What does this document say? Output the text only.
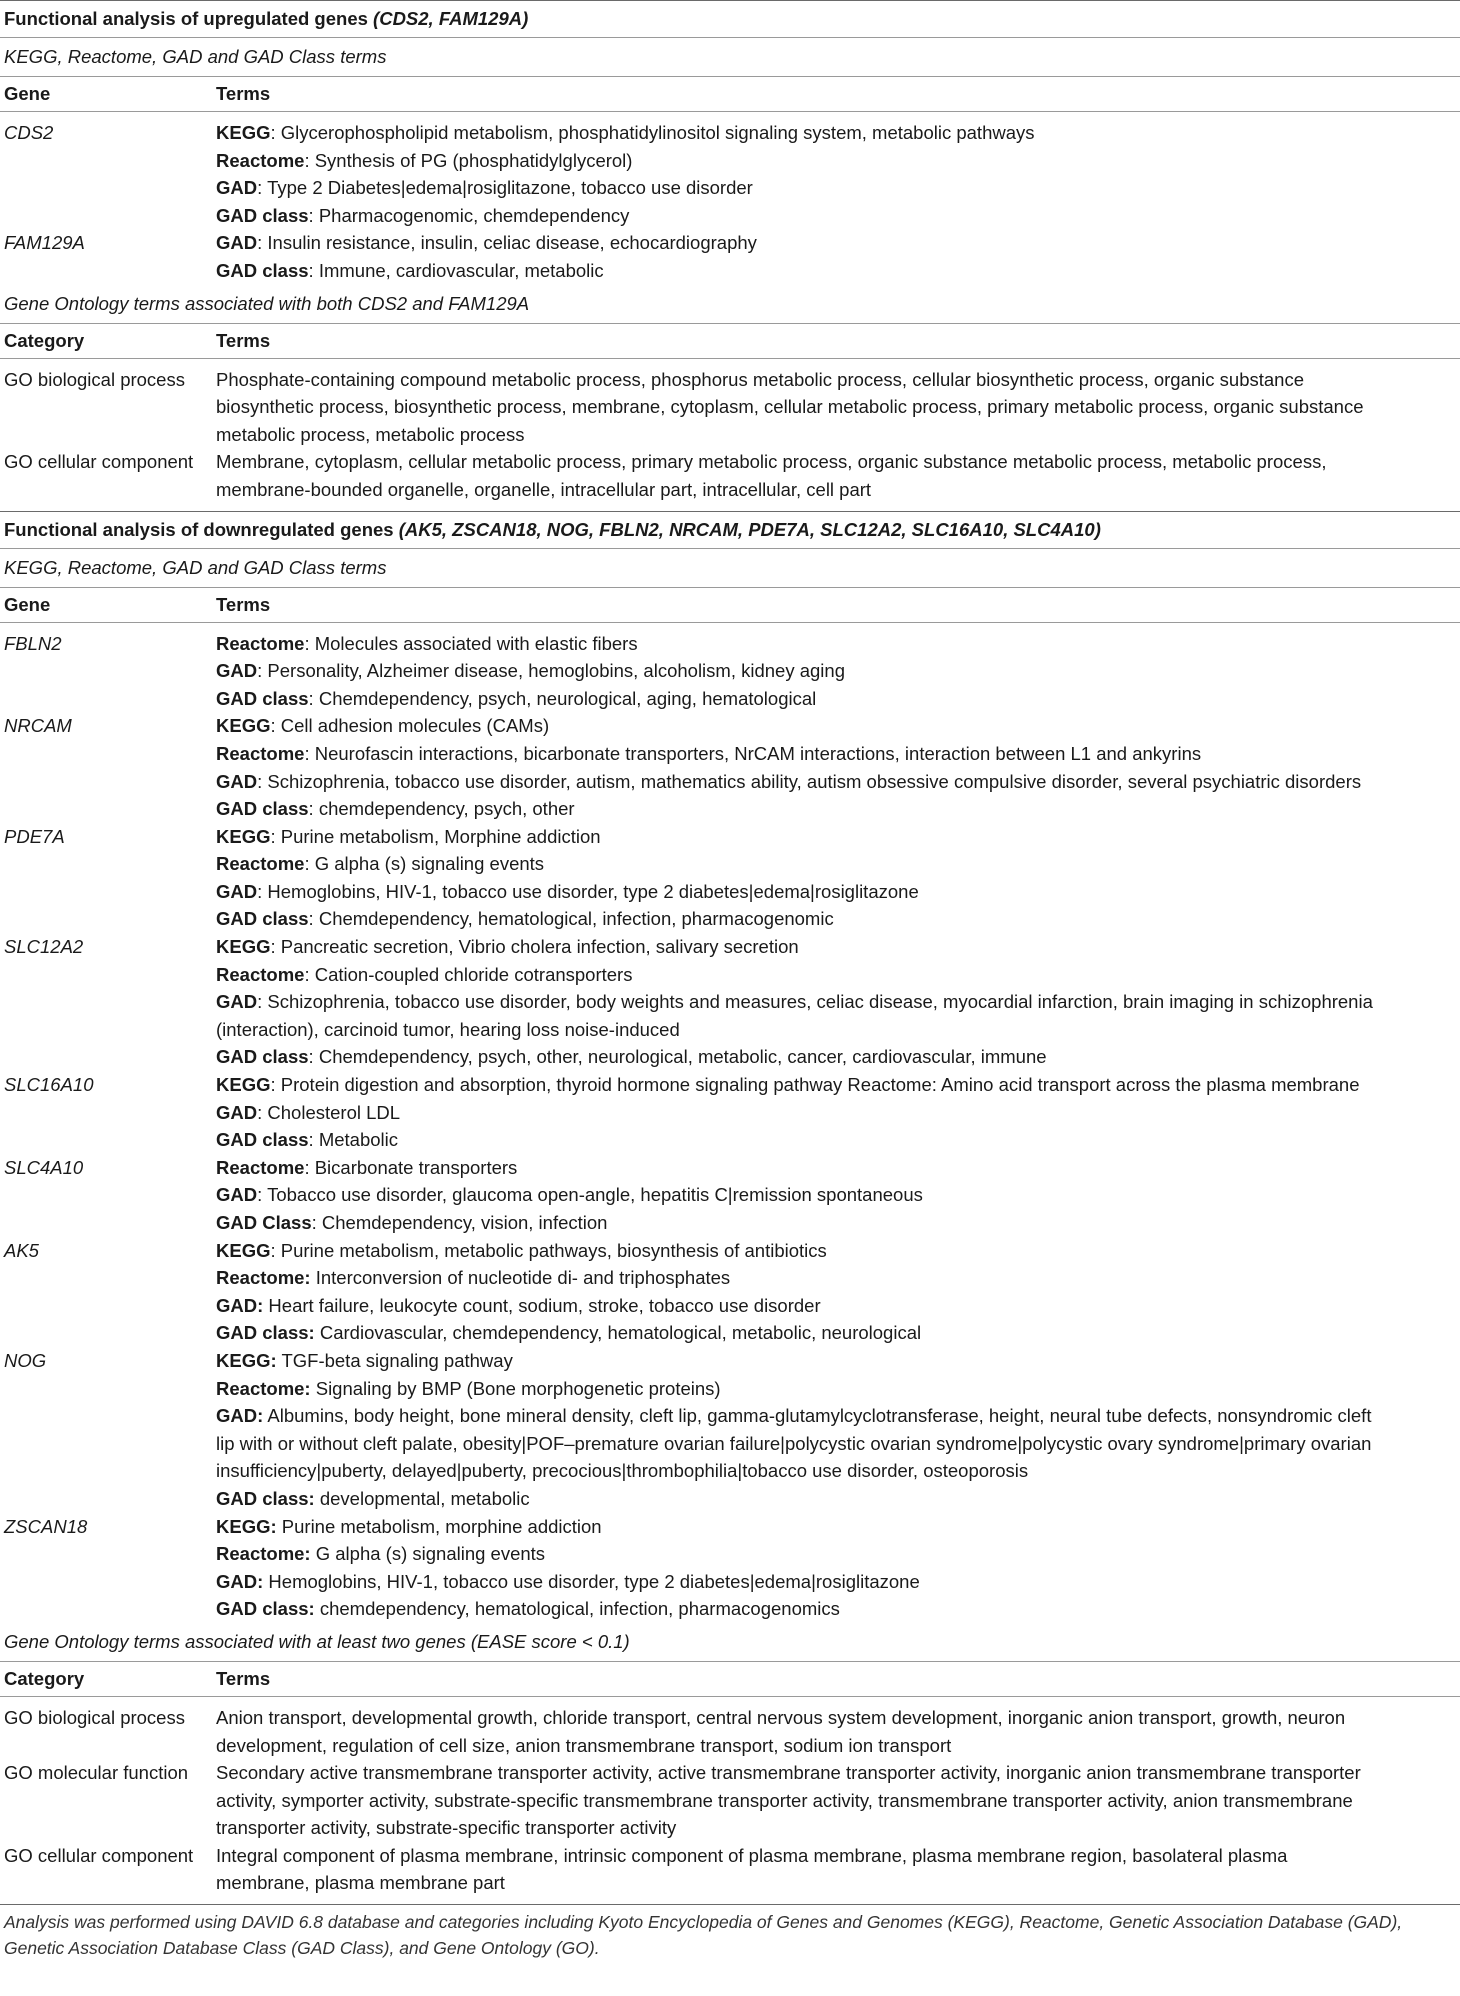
Functional analysis of upregulated genes (CDS2, FAM129A)
KEGG, Reactome, GAD and GAD Class terms
Gene	Terms
CDS2	KEGG: Glycerophospholipid metabolism, phosphatidylinositol signaling system, metabolic pathways
Reactome: Synthesis of PG (phosphatidylglycerol)
GAD: Type 2 Diabetes|edema|rosiglitazone, tobacco use disorder
GAD class: Pharmacogenomic, chemdependency
FAM129A	GAD: Insulin resistance, insulin, celiac disease, echocardiography
GAD class: Immune, cardiovascular, metabolic
Gene Ontology terms associated with both CDS2 and FAM129A
Category	Terms
GO biological process	Phosphate-containing compound metabolic process, phosphorus metabolic process, cellular biosynthetic process, organic substance
biosynthetic process, biosynthetic process, membrane, cytoplasm, cellular metabolic process, primary metabolic process, organic substance
metabolic process, metabolic process
GO cellular component	Membrane, cytoplasm, cellular metabolic process, primary metabolic process, organic substance metabolic process, metabolic process,
membrane-bounded organelle, organelle, intracellular part, intracellular, cell part
Functional analysis of downregulated genes (AK5, ZSCAN18, NOG, FBLN2, NRCAM, PDE7A, SLC12A2, SLC16A10, SLC4A10)
KEGG, Reactome, GAD and GAD Class terms
Gene	Terms
FBLN2	Reactome: Molecules associated with elastic fibers
GAD: Personality, Alzheimer disease, hemoglobins, alcoholism, kidney aging
GAD class: Chemdependency, psych, neurological, aging, hematological
NRCAM	KEGG: Cell adhesion molecules (CAMs)
Reactome: Neurofascin interactions, bicarbonate transporters, NrCAM interactions, interaction between L1 and ankyrins
GAD: Schizophrenia, tobacco use disorder, autism, mathematics ability, autism obsessive compulsive disorder, several psychiatric disorders
GAD class: chemdependency, psych, other
PDE7A	KEGG: Purine metabolism, Morphine addiction
Reactome: G alpha (s) signaling events
GAD: Hemoglobins, HIV-1, tobacco use disorder, type 2 diabetes|edema|rosiglitazone
GAD class: Chemdependency, hematological, infection, pharmacogenomic
SLC12A2	KEGG: Pancreatic secretion, Vibrio cholera infection, salivary secretion
Reactome: Cation-coupled chloride cotransporters
GAD: Schizophrenia, tobacco use disorder, body weights and measures, celiac disease, myocardial infarction, brain imaging in schizophrenia
(interaction), carcinoid tumor, hearing loss noise-induced
GAD class: Chemdependency, psych, other, neurological, metabolic, cancer, cardiovascular, immune
SLC16A10	KEGG: Protein digestion and absorption, thyroid hormone signaling pathway Reactome: Amino acid transport across the plasma membrane
GAD: Cholesterol LDL
GAD class: Metabolic
SLC4A10	Reactome: Bicarbonate transporters
GAD: Tobacco use disorder, glaucoma open-angle, hepatitis C|remission spontaneous
GAD Class: Chemdependency, vision, infection
AK5	KEGG: Purine metabolism, metabolic pathways, biosynthesis of antibiotics
Reactome: Interconversion of nucleotide di- and triphosphates
GAD: Heart failure, leukocyte count, sodium, stroke, tobacco use disorder
GAD class: Cardiovascular, chemdependency, hematological, metabolic, neurological
NOG	KEGG: TGF-beta signaling pathway
Reactome: Signaling by BMP (Bone morphogenetic proteins)
GAD: Albumins, body height, bone mineral density, cleft lip, gamma-glutamylcyclotransferase, height, neural tube defects, nonsyndromic cleft
lip with or without cleft palate, obesity|POF–premature ovarian failure|polycystic ovarian syndrome|polycystic ovary syndrome|primary ovarian
insufficiency|puberty, delayed|puberty, precocious|thrombophilia|tobacco use disorder, osteoporosis
GAD class: developmental, metabolic
ZSCAN18	KEGG: Purine metabolism, morphine addiction
Reactome: G alpha (s) signaling events
GAD: Hemoglobins, HIV-1, tobacco use disorder, type 2 diabetes|edema|rosiglitazone
GAD class: chemdependency, hematological, infection, pharmacogenomics
Gene Ontology terms associated with at least two genes (EASE score < 0.1)
Category	Terms
GO biological process	Anion transport, developmental growth, chloride transport, central nervous system development, inorganic anion transport, growth, neuron
development, regulation of cell size, anion transmembrane transport, sodium ion transport
GO molecular function	Secondary active transmembrane transporter activity, active transmembrane transporter activity, inorganic anion transmembrane transporter
activity, symporter activity, substrate-specific transmembrane transporter activity, transmembrane transporter activity, anion transmembrane
transporter activity, substrate-specific transporter activity
GO cellular component	Integral component of plasma membrane, intrinsic component of plasma membrane, plasma membrane region, basolateral plasma
membrane, plasma membrane part
Analysis was performed using DAVID 6.8 database and categories including Kyoto Encyclopedia of Genes and Genomes (KEGG), Reactome, Genetic Association Database (GAD),
Genetic Association Database Class (GAD Class), and Gene Ontology (GO).
